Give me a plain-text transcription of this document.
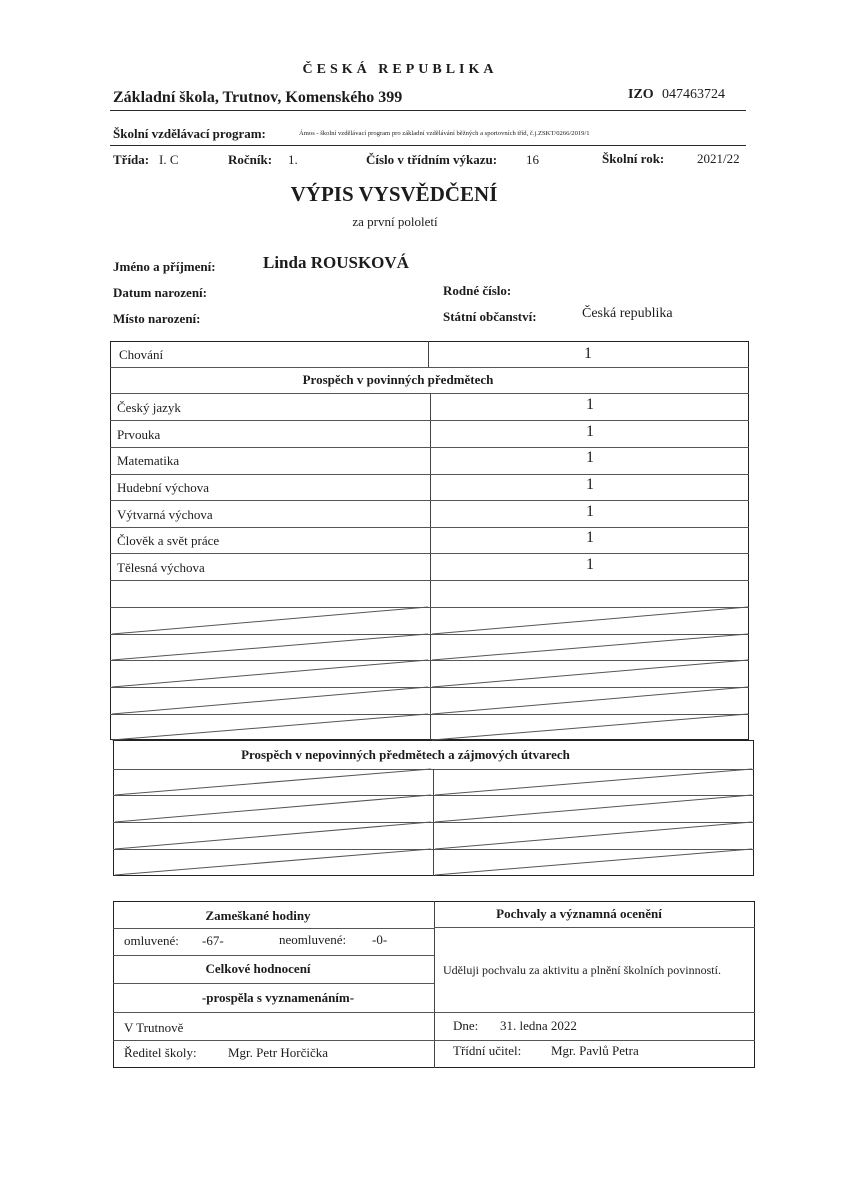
ČESKÁ REPUBLIKA
Základní škola, Trutnov, Komenského 399	IZO 047463724
Školní vzdělávací program:	Ámos - školní vzdělávací program pro základní vzdělávání běžných a sportovních tříd, č.j.ZSKT/0266/2019/1
Třída: I. C	Ročník: 1.	Číslo v třídním výkazu: 16	Školní rok:	2021/22
VÝPIS VYSVĚDČENÍ
za první pololetí
Jméno a příjmení:	Linda ROUSKOVÁ
Datum narození:	Rodné číslo:
Místo narození:	Státní občanství:	Česká republika
Chování	1
Prospěch v povinných předmětech
Český jazyk	1
Prvouka	1
Matematika	1
Hudební výchova	1
Výtvarná výchova	1
Člověk a svět práce	1
Tělesná výchova	1
Prospěch v nepovinných předmětech a zájmových útvarech
Zameškané hodiny	Pochvaly a významná ocenění
omluvené: -67-	neomluvené: -0-
Uděluji pochvalu za aktivitu a plnění školních povinností.
Celkové hodnocení
-prospěla s vyznamenáním-
V Trutnově	Dne: 31. ledna 2022
Ředitel školy: Mgr. Petr Horčička	Třídní učitel: Mgr. Pavlů Petra
